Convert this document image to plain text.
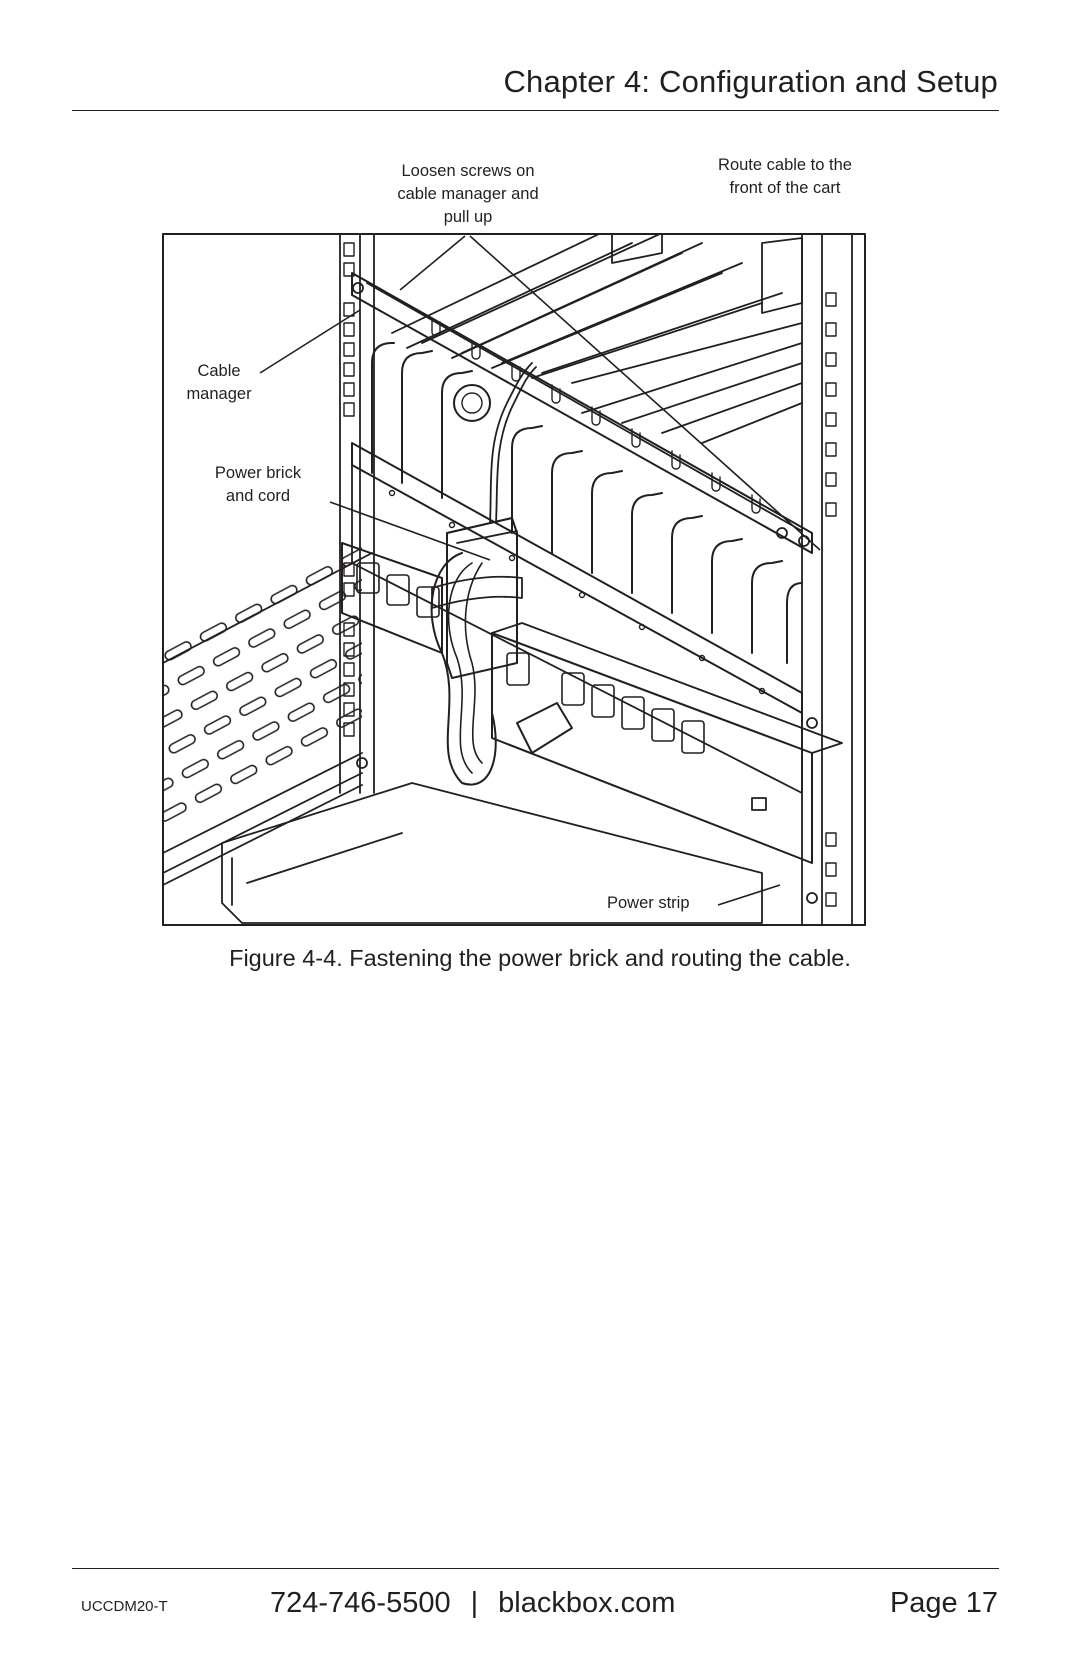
Chapter 4: Configuration and Setup
Loosen screws on
cable manager and
pull up
Route cable to the
front of the cart
Cable
manager
Power brick
and cord
Power strip
Figure 4-4. Fastening the power brick and routing the cable.
UCCDM20-T	724-746-5500 | blackbox.com	Page 17
